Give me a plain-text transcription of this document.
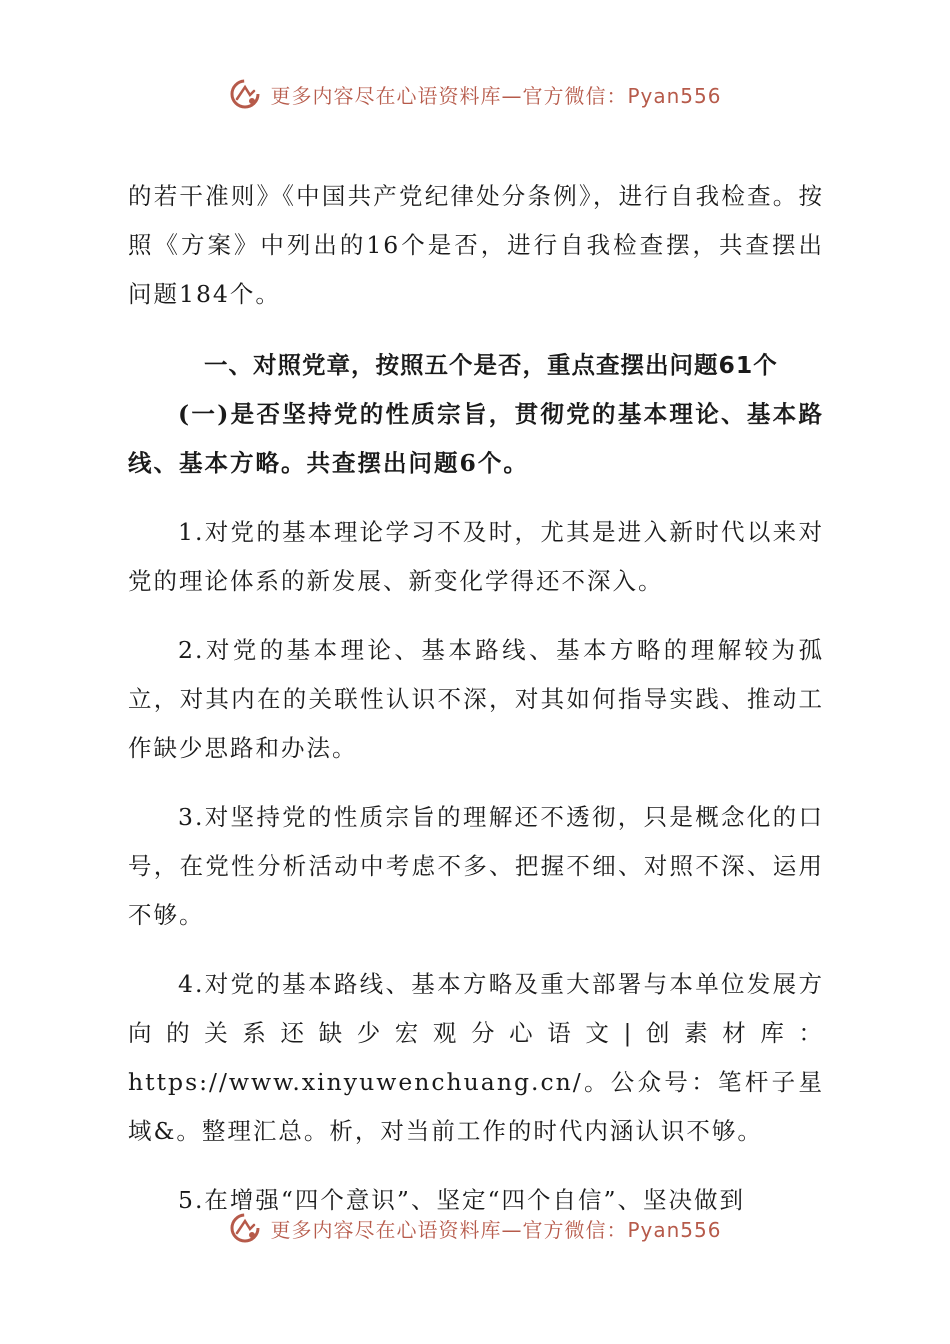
更多内容尽在心语资料库—官方微信：Pyan556

的若干准则》《中国共产党纪律处分条例》，进行自我检查。按照《方案》中列出的16个是否，进行自我检查摆，共查摆出问题184个。

一、对照党章，按照五个是否，重点查摆出问题61个

(一)是否坚持党的性质宗旨，贯彻党的基本理论、基本路线、基本方略。共查摆出问题6个。

1.对党的基本理论学习不及时，尤其是进入新时代以来对党的理论体系的新发展、新变化学得还不深入。

2.对党的基本理论、基本路线、基本方略的理解较为孤立，对其内在的关联性认识不深，对其如何指导实践、推动工作缺少思路和办法。

3.对坚持党的性质宗旨的理解还不透彻，只是概念化的口号，在党性分析活动中考虑不多、把握不细、对照不深、运用不够。

4.对党的基本路线、基本方略及重大部署与本单位发展方向的关系还缺少宏观分心语文|创素材库：https://www.xinyuwenchuang.cn/。公众号：笔杆子星域&。整理汇总。析，对当前工作的时代内涵认识不够。

5.在增强“四个意识”、坚定“四个自信”、坚决做到

更多内容尽在心语资料库—官方微信：Pyan556
